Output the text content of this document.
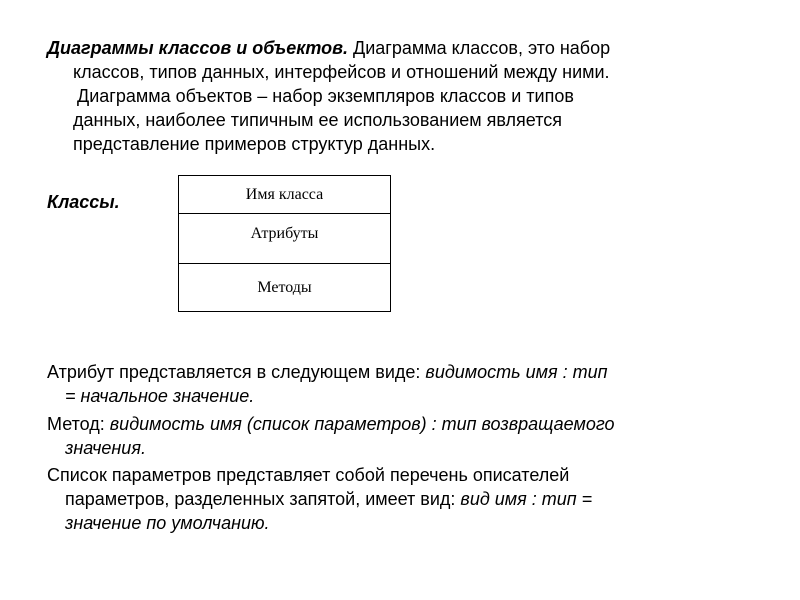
Диаграммы классов и объектов. Диаграмма классов, это набор
классов, типов данных, интерфейсов и отношений между ними.
Диаграмма объектов – набор экземпляров классов и типов
данных, наиболее типичным ее использованием является
представление примеров структур данных.
Классы.	Имя класса
Атрибуты
Методы
Атрибут представляется в следующем виде: видимость имя : тип
= начальное значение.
Метод: видимость имя (список параметров) : тип возвращаемого
значения.
Список параметров представляет собой перечень описателей
параметров, разделенных запятой, имеет вид: вид имя : тип =
значение по умолчанию.
